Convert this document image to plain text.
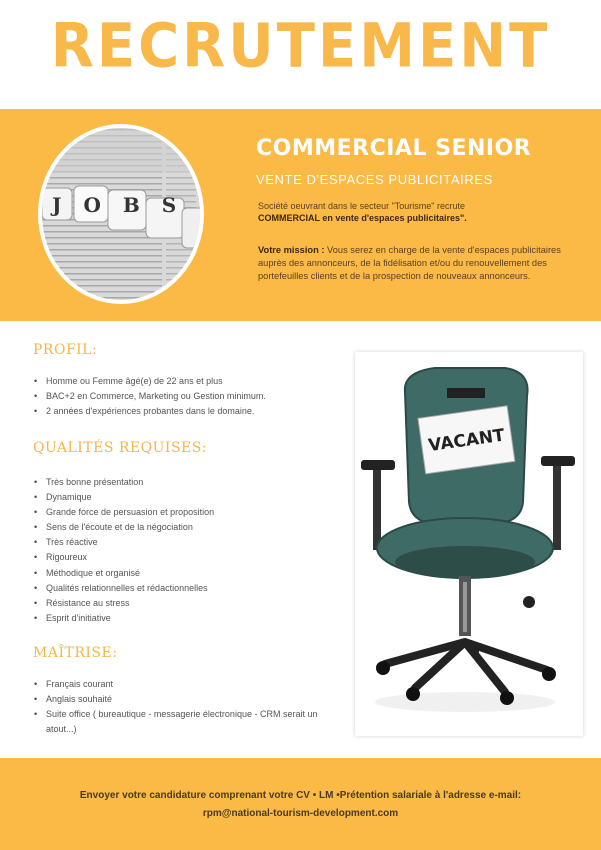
RECRUTEMENT
JOBS
COMMERCIAL SENIOR
VENTE D'ESPACES PUBLICITAIRES
Société oeuvrant dans le secteur "Tourisme" recrute
COMMERCIAL en vente d'espaces publicitaires".
Votre mission : Vous serez en charge de la vente d'espaces publicitaires auprès des annonceurs, de la fidélisation et/ou du renouvellement des portefeuilles clients et de la prospection de nouveaux annonceurs.
PROFIL:
• Homme ou Femme âgé(e) de 22 ans et plus
• BAC+2 en Commerce, Marketing ou Gestion minimum.
• 2 années d'expériences probantes dans le domaine.
QUALITÉS REQUISES:
• Très bonne présentation
• Dynamique
• Grande force de persuasion et proposition
• Sens de l'écoute et de la négociation
• Très réactive
• Rigoureux
• Méthodique et organisé
• Qualités relationnelles et rédactionnelles
• Résistance au stress
• Esprit d'initiative
MAÎTRISE:
• Français courant
• Anglais souhaité
• Suite office ( bureautique - messagerie électronique - CRM serait un atout...)
VACANT
Envoyer votre candidature comprenant votre CV • LM •Prétention salariale à l'adresse e-mail:
rpm@national-tourism-development.com
